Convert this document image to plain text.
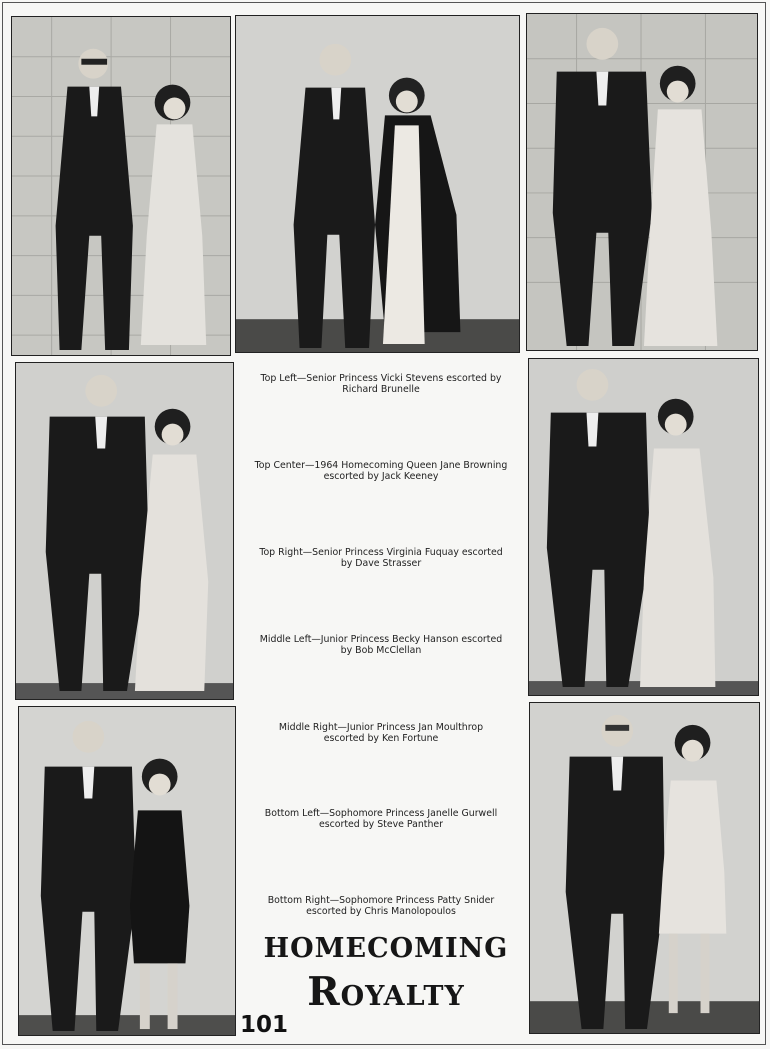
Top Left—Senior Princess Vicki Stevens escorted by
Richard Brunelle
Top Center—1964 Homecoming Queen Jane Browning
escorted by Jack Keeney
Top Right—Senior Princess Virginia Fuquay escorted
by Dave Strasser
Middle Left—Junior Princess Becky Hanson escorted
by Bob McClellan
Middle Right—Junior Princess Jan Moulthrop
escorted by Ken Fortune
Bottom Left—Sophomore Princess Janelle Gurwell
escorted by Steve Panther
Bottom Right—Sophomore Princess Patty Snider
escorted by Chris Manolopoulos
homecoming
Royalty
101
